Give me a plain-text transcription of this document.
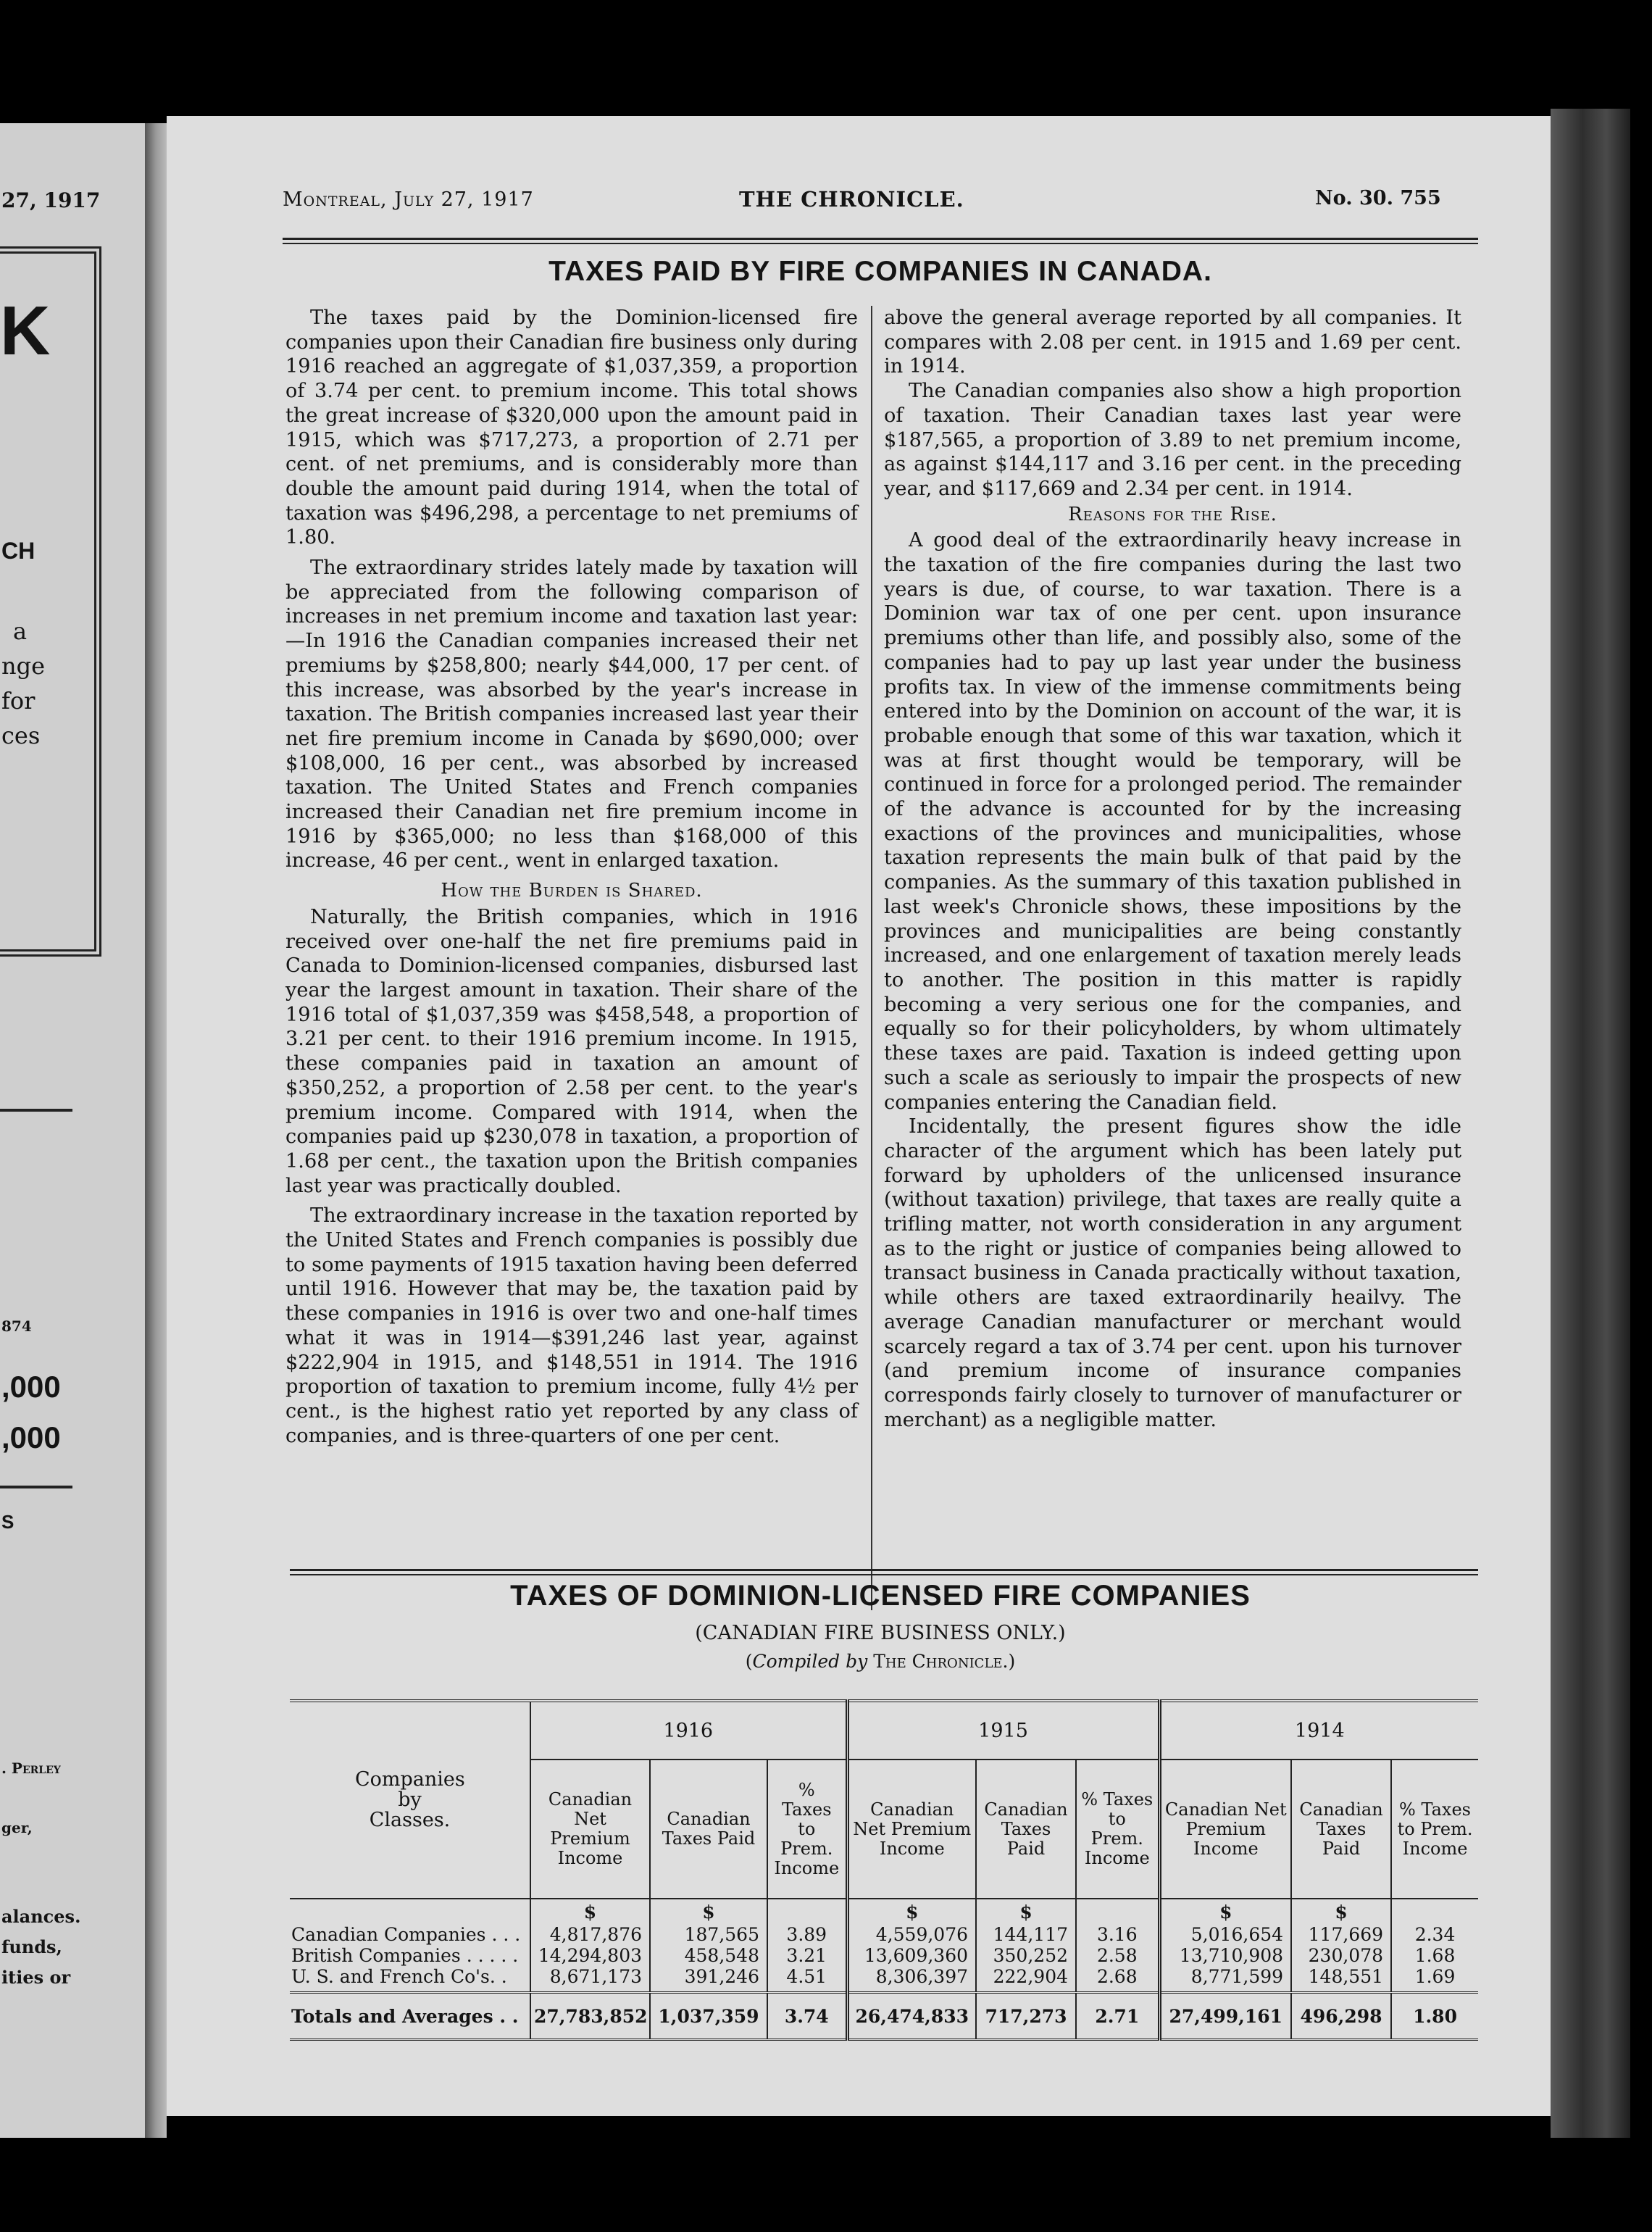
27, 1917
K
CH
a
nge
for
ces
874
,000
,000
S
. Perley
ger,
alances.
funds,
ities or
Montreal, July 27, 1917	THE CHRONICLE.	No. 30. 755
TAXES PAID BY FIRE COMPANIES IN CANADA.

The taxes paid by the Dominion-licensed fire companies upon their Canadian fire business only during 1916 reached an aggregate of $1,037,359, a proportion of 3.74 per cent. to premium income. This total shows the great increase of $320,000 upon the amount paid in 1915, which was $717,273, a proportion of 2.71 per cent. of net premiums, and is considerably more than double the amount paid during 1914, when the total of taxation was $496,298, a percentage to net premiums of 1.80.

The extraordinary strides lately made by taxation will be appreciated from the following comparison of increases in net premium income and taxation last year:—In 1916 the Canadian companies increased their net premiums by $258,800; nearly $44,000, 17 per cent. of this increase, was absorbed by the year's increase in taxation. The British companies increased last year their net fire premium income in Canada by $690,000; over $108,000, 16 per cent., was absorbed by increased taxation. The United States and French companies increased their Canadian net fire premium income in 1916 by $365,000; no less than $168,000 of this increase, 46 per cent., went in enlarged taxation.

How the Burden is Shared.

Naturally, the British companies, which in 1916 received over one-half the net fire premiums paid in Canada to Dominion-licensed companies, disbursed last year the largest amount in taxation. Their share of the 1916 total of $1,037,359 was $458,548, a proportion of 3.21 per cent. to their 1916 premium income. In 1915, these companies paid in taxation an amount of $350,252, a proportion of 2.58 per cent. to the year's premium income. Compared with 1914, when the companies paid up $230,078 in taxation, a proportion of 1.68 per cent., the taxation upon the British companies last year was practically doubled.

The extraordinary increase in the taxation reported by the United States and French companies is possibly due to some payments of 1915 taxation having been deferred until 1916. However that may be, the taxation paid by these companies in 1916 is over two and one-half times what it was in 1914—$391,246 last year, against $222,904 in 1915, and $148,551 in 1914. The 1916 proportion of taxation to premium income, fully 4½ per cent., is the highest ratio yet reported by any class of companies, and is three-quarters of one per cent.

above the general average reported by all companies. It compares with 2.08 per cent. in 1915 and 1.69 per cent. in 1914.

The Canadian companies also show a high proportion of taxation. Their Canadian taxes last year were $187,565, a proportion of 3.89 to net premium income, as against $144,117 and 3.16 per cent. in the preceding year, and $117,669 and 2.34 per cent. in 1914.

Reasons for the Rise.

A good deal of the extraordinarily heavy increase in the taxation of the fire companies during the last two years is due, of course, to war taxation. There is a Dominion war tax of one per cent. upon insurance premiums other than life, and possibly also, some of the companies had to pay up last year under the business profits tax. In view of the immense commitments being entered into by the Dominion on account of the war, it is probable enough that some of this war taxation, which it was at first thought would be temporary, will be continued in force for a prolonged period. The remainder of the advance is accounted for by the increasing exactions of the provinces and municipalities, whose taxation represents the main bulk of that paid by the companies. As the summary of this taxation published in last week's Chronicle shows, these impositions by the provinces and municipalities are being constantly increased, and one enlargement of taxation merely leads to another. The position in this matter is rapidly becoming a very serious one for the companies, and equally so for their policyholders, by whom ultimately these taxes are paid. Taxation is indeed getting upon such a scale as seriously to impair the prospects of new companies entering the Canadian field.

Incidentally, the present figures show the idle character of the argument which has been lately put forward by upholders of the unlicensed insurance (without taxation) privilege, that taxes are really quite a trifling matter, not worth consideration in any argument as to the right or justice of companies being allowed to transact business in Canada practically without taxation, while others are taxed extraordinarily heailvy. The average Canadian manufacturer or merchant would scarcely regard a tax of 3.74 per cent. upon his turnover (and premium income of insurance companies corresponds fairly closely to turnover of manufacturer or merchant) as a negligible matter.

TAXES OF DOMINION-LICENSED FIRE COMPANIES
(CANADIAN FIRE BUSINESS ONLY.)
(Compiled by The Chronicle.)
Companies by Classes.	1916			1915			1914		
	Canadian Net Premium Income	Canadian Taxes Paid	% Taxes to Prem. Income	Canadian Net Premium Income	Canadian Taxes Paid	% Taxes to Prem. Income	Canadian Net Premium Income	Canadian Taxes Paid	% Taxes to Prem. Income
	$	$		$	$		$	$	
Canadian Companies . . .	4,817,876	187,565	3.89	4,559,076	144,117	3.16	5,016,654	117,669	2.34
British Companies . . . . .	14,294,803	458,548	3.21	13,609,360	350,252	2.58	13,710,908	230,078	1.68
U. S. and French Co's. .	8,671,173	391,246	4.51	8,306,397	222,904	2.68	8,771,599	148,551	1.69
Totals and Averages . .	27,783,852	1,037,359	3.74	26,474,833	717,273	2.71	27,499,161	496,298	1.80
